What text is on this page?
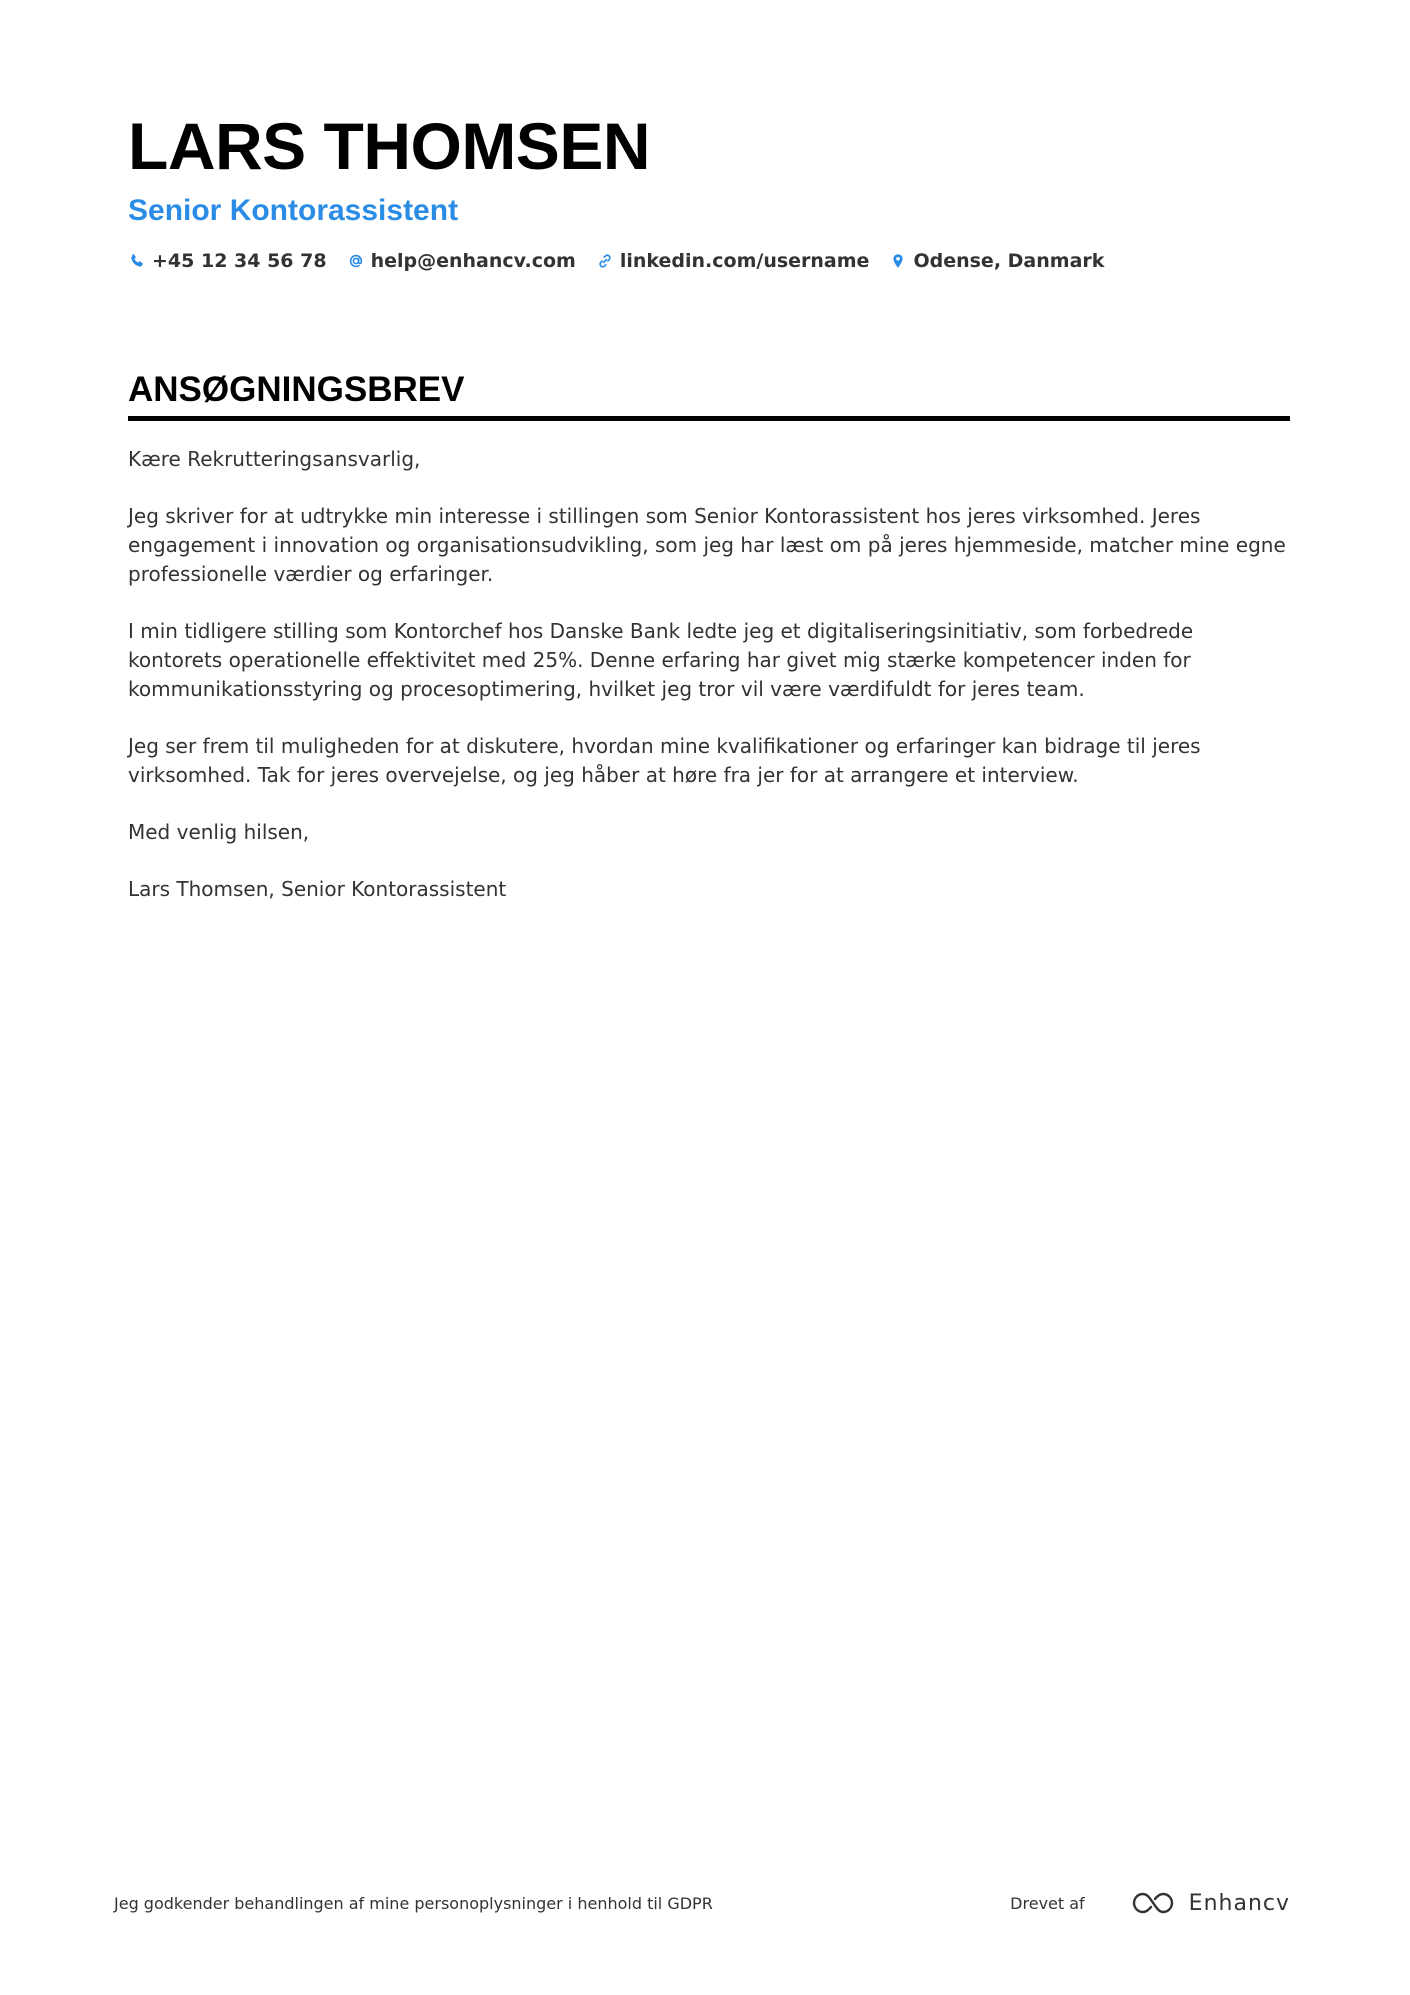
LARS THOMSEN
Senior Kontorassistent
+45 12 34 56 78 help@enhancv.com linkedin.com/username Odense, Danmark
ANSØGNINGSBREV

Kære Rekrutteringsansvarlig,

Jeg skriver for at udtrykke min interesse i stillingen som Senior Kontorassistent hos jeres virksomhed. Jeres engagement i innovation og organisationsudvikling, som jeg har læst om på jeres hjemmeside, matcher mine egne professionelle værdier og erfaringer.

I min tidligere stilling som Kontorchef hos Danske Bank ledte jeg et digitaliseringsinitiativ, som forbedrede kontorets operationelle effektivitet med 25%. Denne erfaring har givet mig stærke kompetencer inden for kommunikationsstyring og procesoptimering, hvilket jeg tror vil være værdifuldt for jeres team.

Jeg ser frem til muligheden for at diskutere, hvordan mine kvalifikationer og erfaringer kan bidrage til jeres virksomhed. Tak for jeres overvejelse, og jeg håber at høre fra jer for at arrangere et interview.

Med venlig hilsen,

Lars Thomsen, Senior Kontorassistent

Jeg godkender behandlingen af mine personoplysninger i henhold til GDPR	Drevet af	Enhancv
